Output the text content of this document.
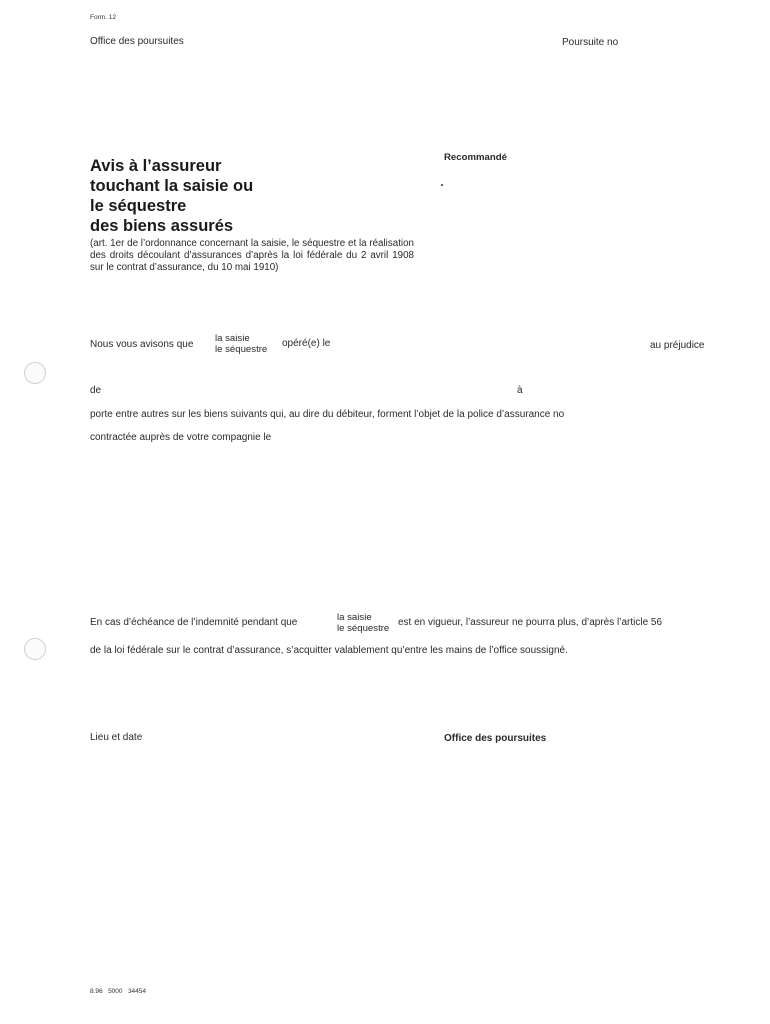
Form. 12
Office des poursuites	Poursuite no
Recommandé
Avis à l’assureur
touchant la saisie ou
le séquestre
des biens assurés
(art. 1er de l’ordonnance concernant la saisie, le séquestre et la réalisation des droits découlant d’assurances d’après la loi fédérale du 2 avril 1908 sur le contrat d’assurance, du 10 mai 1910)
Nous vous avisons que
la saisie
le séquestre
opéré(e) le	au préjudice
de	à
porte entre autres sur les biens suivants qui, au dire du débiteur, forment l’objet de la police d’assurance no
contractée auprès de votre compagnie le
En cas d’échéance de l’indemnité pendant que	la saisie
le séquestre
est en vigueur, l’assureur ne pourra plus, d’après l’article 56
de la loi fédérale sur le contrat d’assurance, s’acquitter valablement qu’entre les mains de l’office soussigné.
Lieu et date	Office des poursuites
8.96   5000   34454
